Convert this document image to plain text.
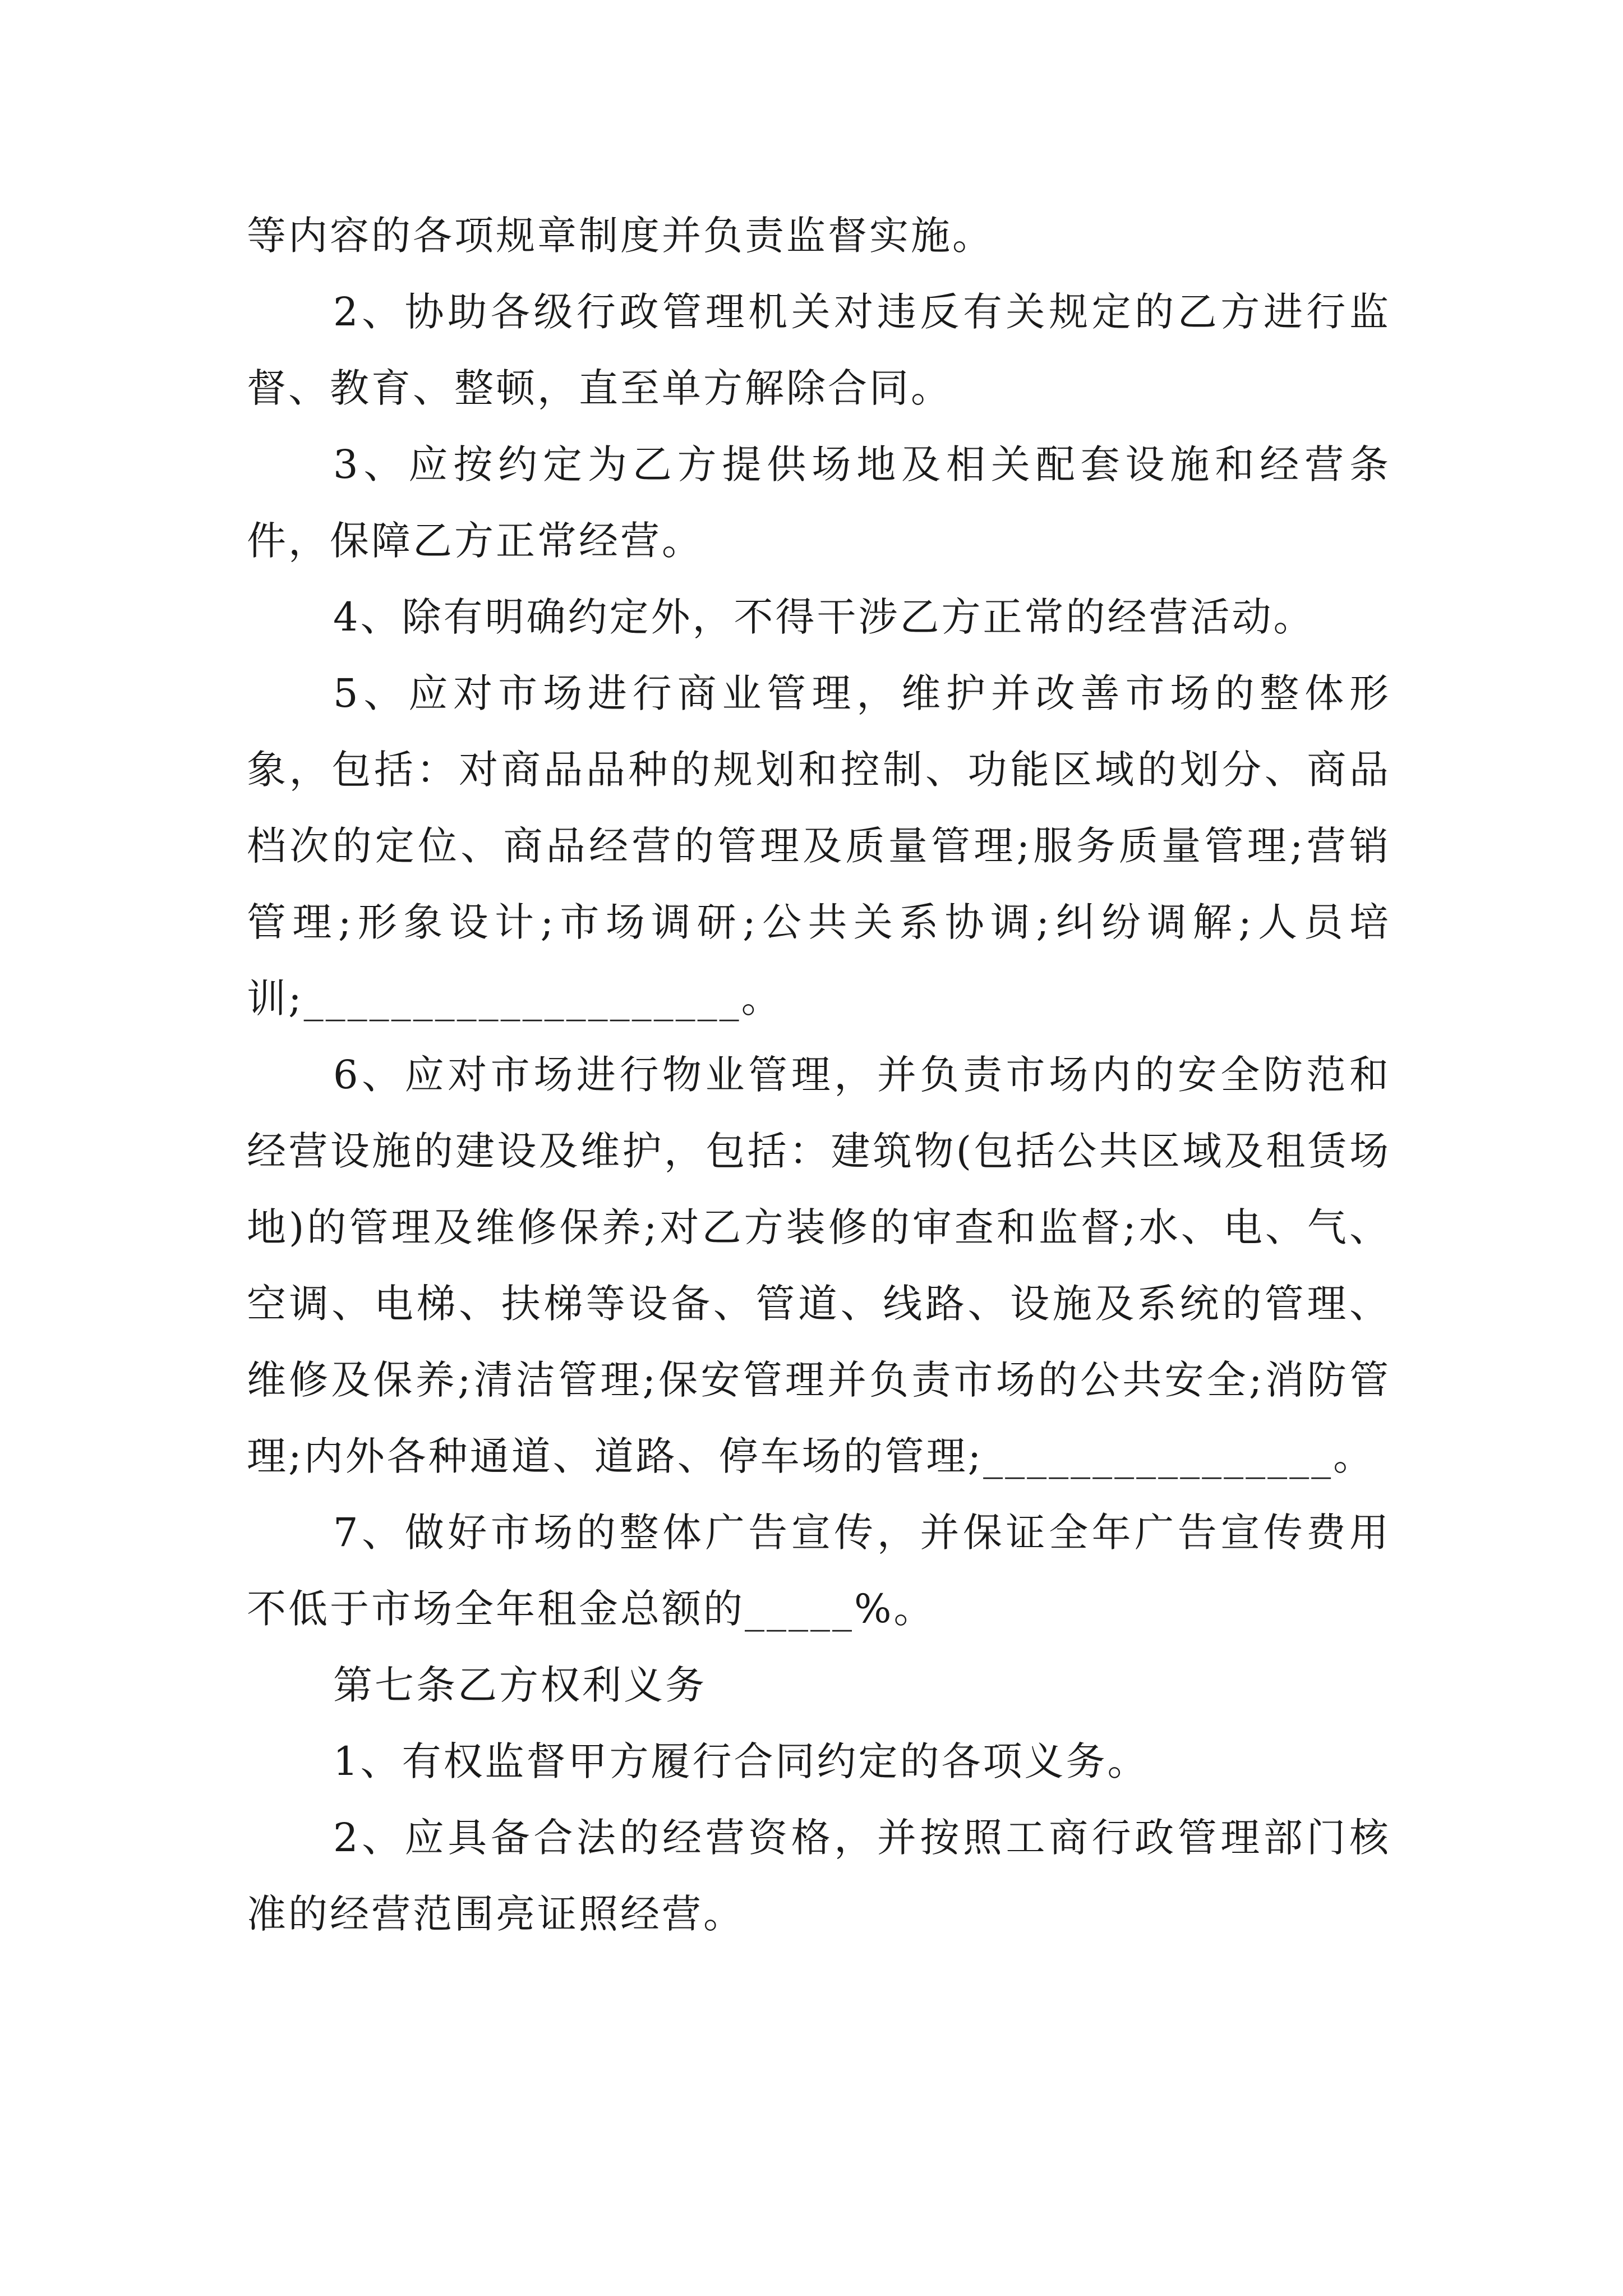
等内容的各项规章制度并负责监督实施。

2、协助各级行政管理机关对违反有关规定的乙方进行监督、教育、整顿，直至单方解除合同。

3、应按约定为乙方提供场地及相关配套设施和经营条件，保障乙方正常经营。

4、除有明确约定外，不得干涉乙方正常的经营活动。

5、应对市场进行商业管理，维护并改善市场的整体形象，包括：对商品品种的规划和控制、功能区域的划分、商品档次的定位、商品经营的管理及质量管理;服务质量管理;营销管理;形象设计;市场调研;公共关系协调;纠纷调解;人员培训;____________________。

6、应对市场进行物业管理，并负责市场内的安全防范和经营设施的建设及维护，包括：建筑物(包括公共区域及租赁场地)的管理及维修保养;对乙方装修的审查和监督;水、电、气、空调、电梯、扶梯等设备、管道、线路、设施及系统的管理、维修及保养;清洁管理;保安管理并负责市场的公共安全;消防管理;内外各种通道、道路、停车场的管理;________________。

7、做好市场的整体广告宣传，并保证全年广告宣传费用不低于市场全年租金总额的_____%。

第七条乙方权利义务

1、有权监督甲方履行合同约定的各项义务。

2、应具备合法的经营资格，并按照工商行政管理部门核准的经营范围亮证照经营。
